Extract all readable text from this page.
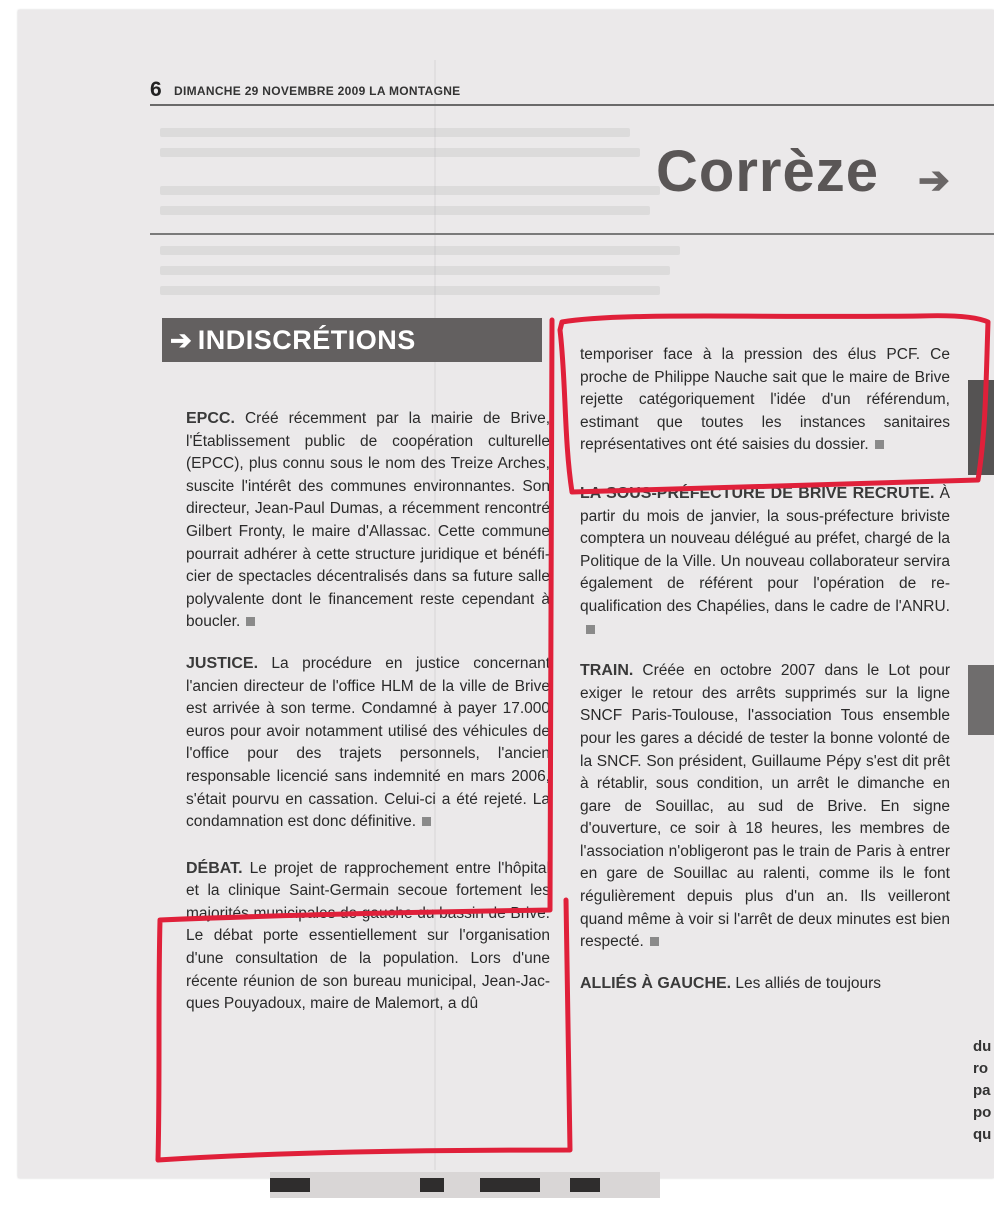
6 DIMANCHE 29 NOVEMBRE 2009 LA MONTAGNE
Corrèze ➔
➔ INDISCRÉTIONS

EPCC. Créé récemment par la mairie de Brive, l'Établissement public de coopération culturelle (EPCC), plus connu sous le nom des Treize Arches, suscite l'intérêt des communes environnantes. Son directeur, Jean-Paul Dumas, a récemment rencontré Gilbert Fronty, le maire d'Allassac. Cette commune pourrait adhérer à cette structure juridique et bénéficier de spectacles décentralisés dans sa future salle polyvalente dont le financement reste cependant à boucler.

JUSTICE. La procédure en justice concernant l'ancien directeur de l'office HLM de la ville de Brive est arrivée à son terme. Condamné à payer 17.000 euros pour avoir notamment utilisé des véhicules de l'office pour des trajets personnels, l'ancien responsable licencié sans indemnité en mars 2006, s'était pourvu en cassation. Celui-ci a été rejeté. La condamnation est donc définitive.

DÉBAT. Le projet de rapprochement entre l'hôpital et la clinique Saint-Germain secoue fortement les majorités municipales de gauche du bassin de Brive. Le débat porte essentiellement sur l'organisation d'une consultation de la population. Lors d'une récente réunion de son bureau municipal, Jean-Jacques Pouyadoux, maire de Malemort, a dû

temporiser face à la pression des élus PCF. Ce proche de Philippe Nauche sait que le maire de Brive rejette catégoriquement l'idée d'un référendum, estimant que toutes les instances sanitaires représentatives ont été saisies du dossier.

LA SOUS-PRÉFECTURE DE BRIVE RECRUTE. À partir du mois de janvier, la sous-préfecture briviste comptera un nouveau délégué au préfet, chargé de la Politique de la Ville. Un nouveau collaborateur servira également de référent pour l'opération de requalification des Chapélies, dans le cadre de l'ANRU.

TRAIN. Créée en octobre 2007 dans le Lot pour exiger le retour des arrêts supprimés sur la ligne SNCF Paris-Toulouse, l'association Tous ensemble pour les gares a décidé de tester la bonne volonté de la SNCF. Son président, Guillaume Pépy s'est dit prêt à rétablir, sous condition, un arrêt le dimanche en gare de Souillac, au sud de Brive. En signe d'ouverture, ce soir à 18 heures, les membres de l'association n'obligeront pas le train de Paris à entrer en gare de Souillac au ralenti, comme ils le font régulièrement depuis plus d'un an. Ils veilleront quand même à voir si l'arrêt de deux minutes est bien respecté.

ALLIÉS À GAUCHE. Les alliés de toujours

du
ro
pa
po
qu
